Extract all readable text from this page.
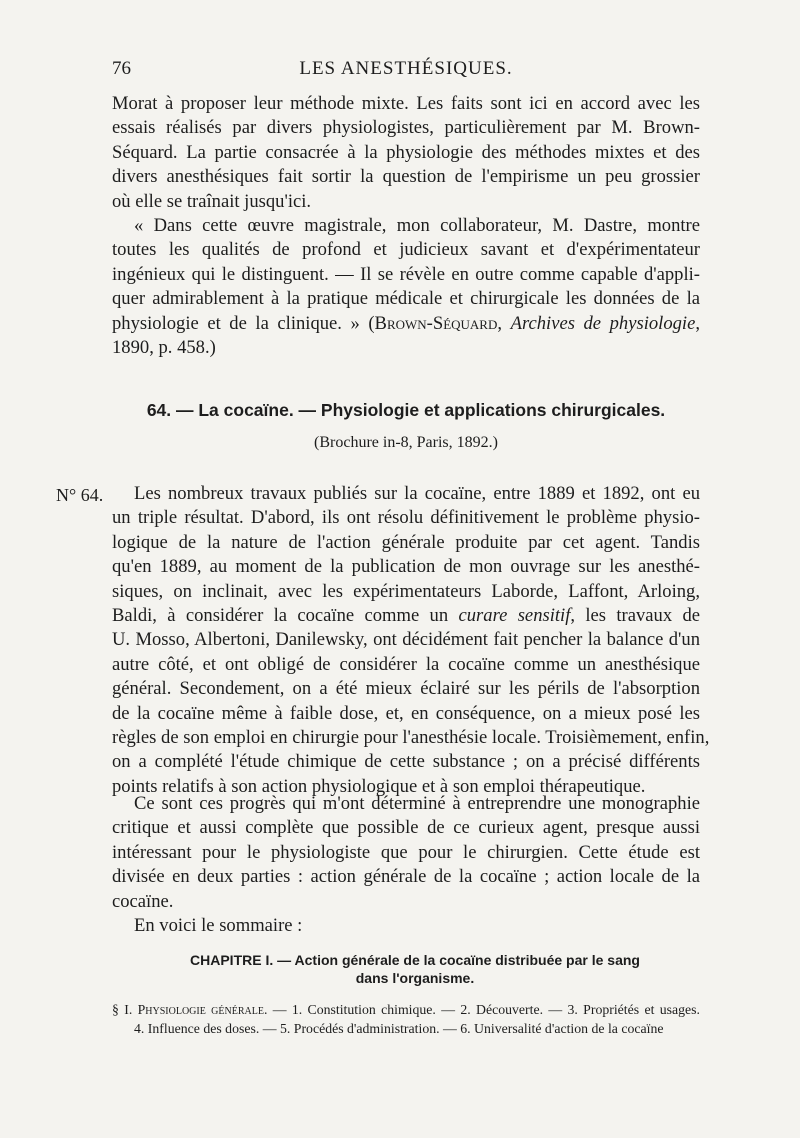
76	LES ANESTHÉSIQUES.
Morat à proposer leur méthode mixte. Les faits sont ici en accord avec les
essais réalisés par divers physiologistes, particulièrement par M. Brown-
Séquard. La partie consacrée à la physiologie des méthodes mixtes et des
divers anesthésiques fait sortir la question de l'empirisme un peu grossier
où elle se traînait jusqu'ici.
« Dans cette œuvre magistrale, mon collaborateur, M. Dastre, montre
toutes les qualités de profond et judicieux savant et d'expérimentateur
ingénieux qui le distinguent. — Il se révèle en outre comme capable d'appli-
quer admirablement à la pratique médicale et chirurgicale les données de la
physiologie et de la clinique. » (Brown-Séquard, Archives de physiologie,
1890, p. 458.)
64. — La cocaïne. — Physiologie et applications chirurgicales.
(Brochure in-8, Paris, 1892.)
N° 64.	Les nombreux travaux publiés sur la cocaïne, entre 1889 et 1892, ont eu
un triple résultat. D'abord, ils ont résolu définitivement le problème physio-
logique de la nature de l'action générale produite par cet agent. Tandis
qu'en 1889, au moment de la publication de mon ouvrage sur les anesthé-
siques, on inclinait, avec les expérimentateurs Laborde, Laffont, Arloing,
Baldi, à considérer la cocaïne comme un curare sensitif, les travaux de
U. Mosso, Albertoni, Danilewsky, ont décidément fait pencher la balance d'un
autre côté, et ont obligé de considérer la cocaïne comme un anesthésique
général. Secondement, on a été mieux éclairé sur les périls de l'absorption
de la cocaïne même à faible dose, et, en conséquence, on a mieux posé les
règles de son emploi en chirurgie pour l'anesthésie locale. Troisièmement, enfin,
on a complété l'étude chimique de cette substance ; on a précisé différents
points relatifs à son action physiologique et à son emploi thérapeutique.
Ce sont ces progrès qui m'ont déterminé à entreprendre une monographie
critique et aussi complète que possible de ce curieux agent, presque aussi
intéressant pour le physiologiste que pour le chirurgien. Cette étude est
divisée en deux parties : action générale de la cocaïne ; action locale de la
cocaïne.
En voici le sommaire :
CHAPITRE I. — Action générale de la cocaïne distribuée par le sang
dans l'organisme.
§ I. Physiologie générale. — 1. Constitution chimique. — 2. Découverte. — 3. Propriétés et usages.
4. Influence des doses. — 5. Procédés d'administration. — 6. Universalité d'action de la cocaïne
